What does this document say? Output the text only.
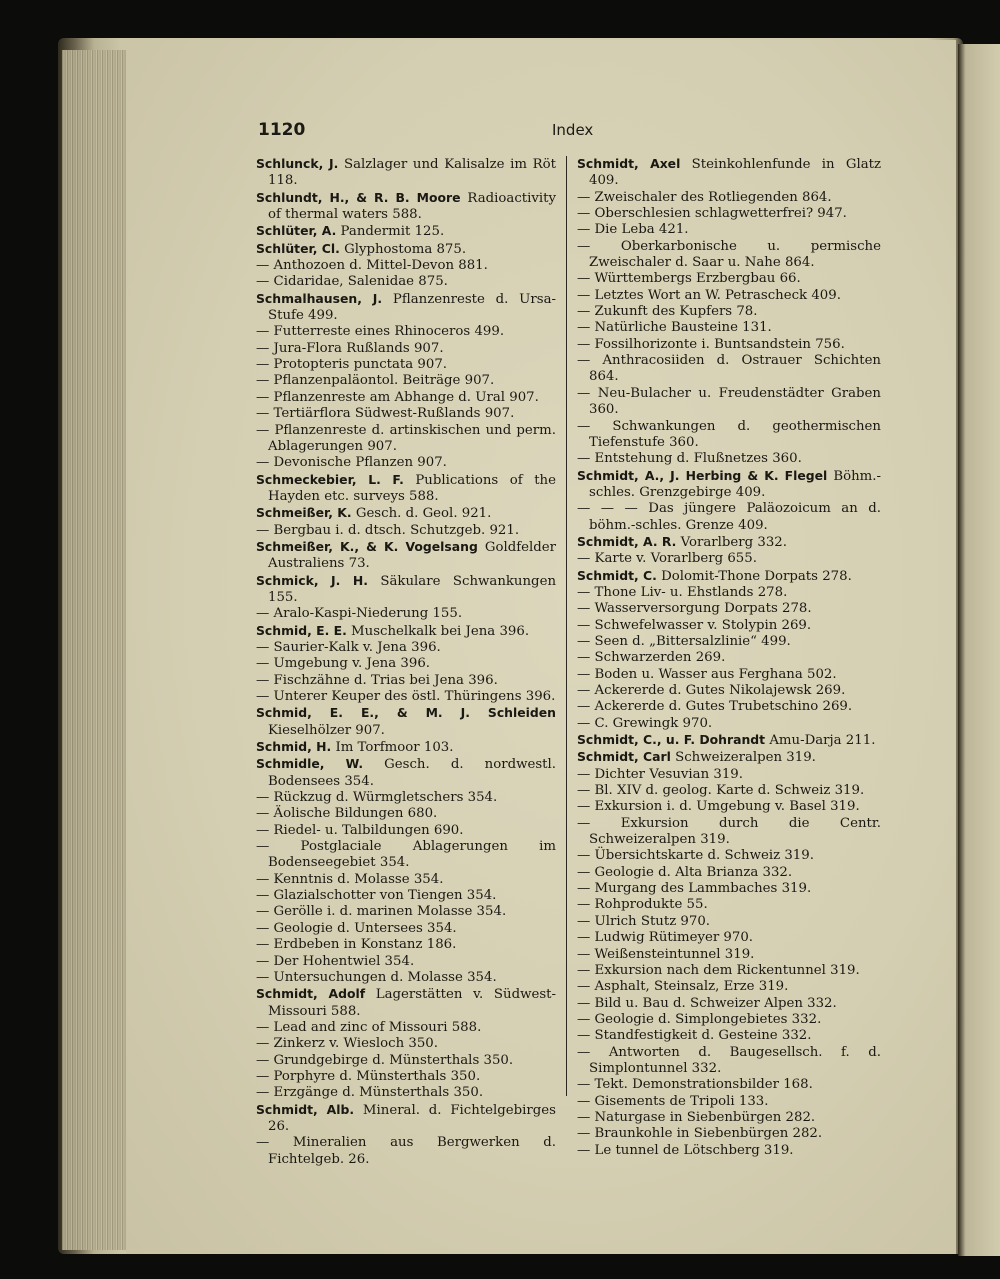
1120	Index
Schlunck, J. Salzlager und Kalisalze im Röt 118.
Schlundt, H., & R. B. Moore Radioactivity of thermal waters 588.
Schlüter, A. Pandermit 125.
Schlüter, Cl. Glyphostoma 875.
— Anthozoen d. Mittel-Devon 881.
— Cidaridae, Salenidae 875.
Schmalhausen, J. Pflanzenreste d. Ursa-Stufe 499.
— Futterreste eines Rhinoceros 499.
— Jura-Flora Rußlands 907.
— Protopteris punctata 907.
— Pflanzenpaläontol. Beiträge 907.
— Pflanzenreste am Abhange d. Ural 907.
— Tertiärflora Südwest-Rußlands 907.
— Pflanzenreste d. artinskischen und perm. Ablagerungen 907.
— Devonische Pflanzen 907.
Schmeckebier, L. F. Publications of the Hayden etc. surveys 588.
Schmeißer, K. Gesch. d. Geol. 921.
— Bergbau i. d. dtsch. Schutzgeb. 921.
Schmeißer, K., & K. Vogelsang Goldfelder Australiens 73.
Schmick, J. H. Säkulare Schwankungen 155.
— Aralo-Kaspi-Niederung 155.
Schmid, E. E. Muschelkalk bei Jena 396.
— Saurier-Kalk v. Jena 396.
— Umgebung v. Jena 396.
— Fischzähne d. Trias bei Jena 396.
— Unterer Keuper des östl. Thüringens 396.
Schmid, E. E., & M. J. Schleiden Kieselhölzer 907.
Schmid, H. Im Torfmoor 103.
Schmidle, W. Gesch. d. nordwestl. Bodensees 354.
— Rückzug d. Würmgletschers 354.
— Äolische Bildungen 680.
— Riedel- u. Talbildungen 690.
— Postglaciale Ablagerungen im Bodenseegebiet 354.
— Kenntnis d. Molasse 354.
— Glazialschotter von Tiengen 354.
— Gerölle i. d. marinen Molasse 354.
— Geologie d. Untersees 354.
— Erdbeben in Konstanz 186.
— Der Hohentwiel 354.
— Untersuchungen d. Molasse 354.
Schmidt, Adolf Lagerstätten v. Südwest-Missouri 588.
— Lead and zinc of Missouri 588.
— Zinkerz v. Wiesloch 350.
— Grundgebirge d. Münsterthals 350.
— Porphyre d. Münsterthals 350.
— Erzgänge d. Münsterthals 350.
Schmidt, Alb. Mineral. d. Fichtelgebirges 26.
— Mineralien aus Bergwerken d. Fichtelgeb. 26.
Schmidt, Axel Steinkohlenfunde in Glatz 409.
— Zweischaler des Rotliegenden 864.
— Oberschlesien schlagwetterfrei? 947.
— Die Leba 421.
— Oberkarbonische u. permische Zweischaler d. Saar u. Nahe 864.
— Württembergs Erzbergbau 66.
— Letztes Wort an W. Petrascheck 409.
— Zukunft des Kupfers 78.
— Natürliche Bausteine 131.
— Fossilhorizonte i. Buntsandstein 756.
— Anthracosiiden d. Ostrauer Schichten 864.
— Neu-Bulacher u. Freudenstädter Graben 360.
— Schwankungen d. geothermischen Tiefenstufe 360.
— Entstehung d. Flußnetzes 360.
Schmidt, A., J. Herbing & K. Flegel Böhm.-schles. Grenzgebirge 409.
— — — Das jüngere Paläozoicum an d. böhm.-schles. Grenze 409.
Schmidt, A. R. Vorarlberg 332.
— Karte v. Vorarlberg 655.
Schmidt, C. Dolomit-Thone Dorpats 278.
— Thone Liv- u. Ehstlands 278.
— Wasserversorgung Dorpats 278.
— Schwefelwasser v. Stolypin 269.
— Seen d. „Bittersalzlinie“ 499.
— Schwarzerden 269.
— Boden u. Wasser aus Ferghana 502.
— Ackererde d. Gutes Nikolajewsk 269.
— Ackererde d. Gutes Trubetschino 269.
— C. Grewingk 970.
Schmidt, C., u. F. Dohrandt Amu-Darja 211.
Schmidt, Carl Schweizeralpen 319.
— Dichter Vesuvian 319.
— Bl. XIV d. geolog. Karte d. Schweiz 319.
— Exkursion i. d. Umgebung v. Basel 319.
— Exkursion durch die Centr. Schweizeralpen 319.
— Übersichtskarte d. Schweiz 319.
— Geologie d. Alta Brianza 332.
— Murgang des Lammbaches 319.
— Rohprodukte 55.
— Ulrich Stutz 970.
— Ludwig Rütimeyer 970.
— Weißensteintunnel 319.
— Exkursion nach dem Rickentunnel 319.
— Asphalt, Steinsalz, Erze 319.
— Bild u. Bau d. Schweizer Alpen 332.
— Geologie d. Simplongebietes 332.
— Standfestigkeit d. Gesteine 332.
— Antworten d. Baugesellsch. f. d. Simplontunnel 332.
— Tekt. Demonstrationsbilder 168.
— Gisements de Tripoli 133.
— Naturgase in Siebenbürgen 282.
— Braunkohle in Siebenbürgen 282.
— Le tunnel de Lötschberg 319.
